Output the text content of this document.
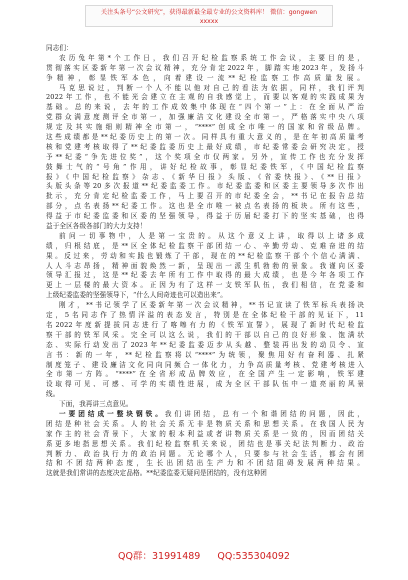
关注头条号“公文研究”，获得最新最全最专业的公文资料库！ 微信：gongwen
xxxxx
同志们：
农历兔年第*个工作日，我们召开纪检监察系统工作会议，主要目的是，
贯彻落实区委新年第一次会议精神，充分肯定2022年，脚踏实地2023年，发扬斗
争精神，彰显铁军本色，向着建设一流**纪检监察工作高质量发展。
马克思说过，判断一个人不能以他对自己的看法为依据，同样，我们评判
2022年工作，也不能光会建立在主观的自我感觉上，而要以客观的实践成果为
基础。总的来说，去年的工作成效集中体现在“四个第一”上：在全面从严治
党群众满意度测评全市第一，加强廉洁文化建设全市第一，严格落实中央八项
规定及其实施细则精神全市第一，“****”创成全市唯一的国家和省级品牌。
这些成绩都是**纪委历史上的第一次。同样具有重大意义的，是在年初高质量考
核和党建考核取得了**纪委监委历史上最好成绩，市纪委常委会研究决定，授
予**纪委“争先进位奖”，这个奖项全市仅两家。另外，宣传工作也充分发挥
鼓舞士气的“号角”作用，讲好纪检故事，彰显纪委铁军，《中国纪检监察
报》《中国纪检监察》杂志、《新华日报》头版、《省委快报》、《**日报》
头版头条等20多次报道**纪委监委工作。市纪委监委和区委主要领导多次作出
批示，充分肯定纪检监委工作，马上要召开的市纪委全会，**书记在报告总结
部分，点名表扬**纪委工作。这也是全市唯一被点名表扬的板块。所有这些，
得益于市纪委监委和区委的坚强领导，得益于历届纪委打下的坚实基础，也得
益于全区各级各部门的大力支持！
前问一切事物中，人是第一宝贵的。从这个意义上讲，取得以上诸多成
绩，归根结底，是**区全体纪检监察干部团结一心、辛勤劳动、克难奋进的结
果。反过来，劳动和实践也锻炼了干部，现在的**纪检监察干部个个信心满满、
人人斗志昂扬，精神面貌焕然一新，呈现出一派生机勃勃的景象。我谨向区委
领导汇报过，这是**纪委去年所有工作中取得的最大成绩，也是今年各项工作
更上一层楼的最大资本。正因为有了这样一支铁军队伍，我们相信，在党委和
上级纪委监委的坚强领导下，“什么人间奇迹也可以造出来”。
刚才，**书记领学了区委新年第一次会议精神，**书记宣读了铁军标兵表扬决
定，5名同志作了热情洋溢的表态发言，特别是在全体纪检干部的见证下，11
名2022年度新提拔同志进行了喀嚓有力的《铁军宣誓》，展现了新时代纪检监
察干部的铁军风采。完全可以这么说，我们的干部以自己的良好形象、饱满状
态、实际行动发出了2023年**纪委监委迈步从头越、整装再出发的动员令、宣
言书：新的一年，**纪检监察将以“****”为统领，聚焦用好有奋利器、扎紧
制度笼子、建设廉洁文化同向同频合一体化力，力争高质量考核、党建考核进入
全市第一方阵。“****”在全省形成品牌效应，在全国产生一定影响，铁军建
设取得可见、可感、可学的实绩性进展，成为全区干部队伍中一道亮丽的风景
线。
下面，我再讲三点意见。
一要团结成一整块钢铁。我们讲团结，总有一个和谐团结的问题，因此，
团结是种社会关系。人的社会关系无非是物质关系和思想关系。在我国人民为
家作主的社会背景下，大家的根本利益或者讲物质关系是一致的，因而团结关
系更多地指思想关系。我们纪检监察机关来说，团结也是事关纪法判断力、政治
判断力、政治执行力的政治问题。无论哪个人，只要参与社会生活，都会有团
结和不团结两种态度，生长出团结出生产力和不团结阻碍发展两种结果。
这就是我们常讲的态度决定品格。**纪委监委无疑问是团结的，没有这种团
QQ群：31991489 QQ:535304092
